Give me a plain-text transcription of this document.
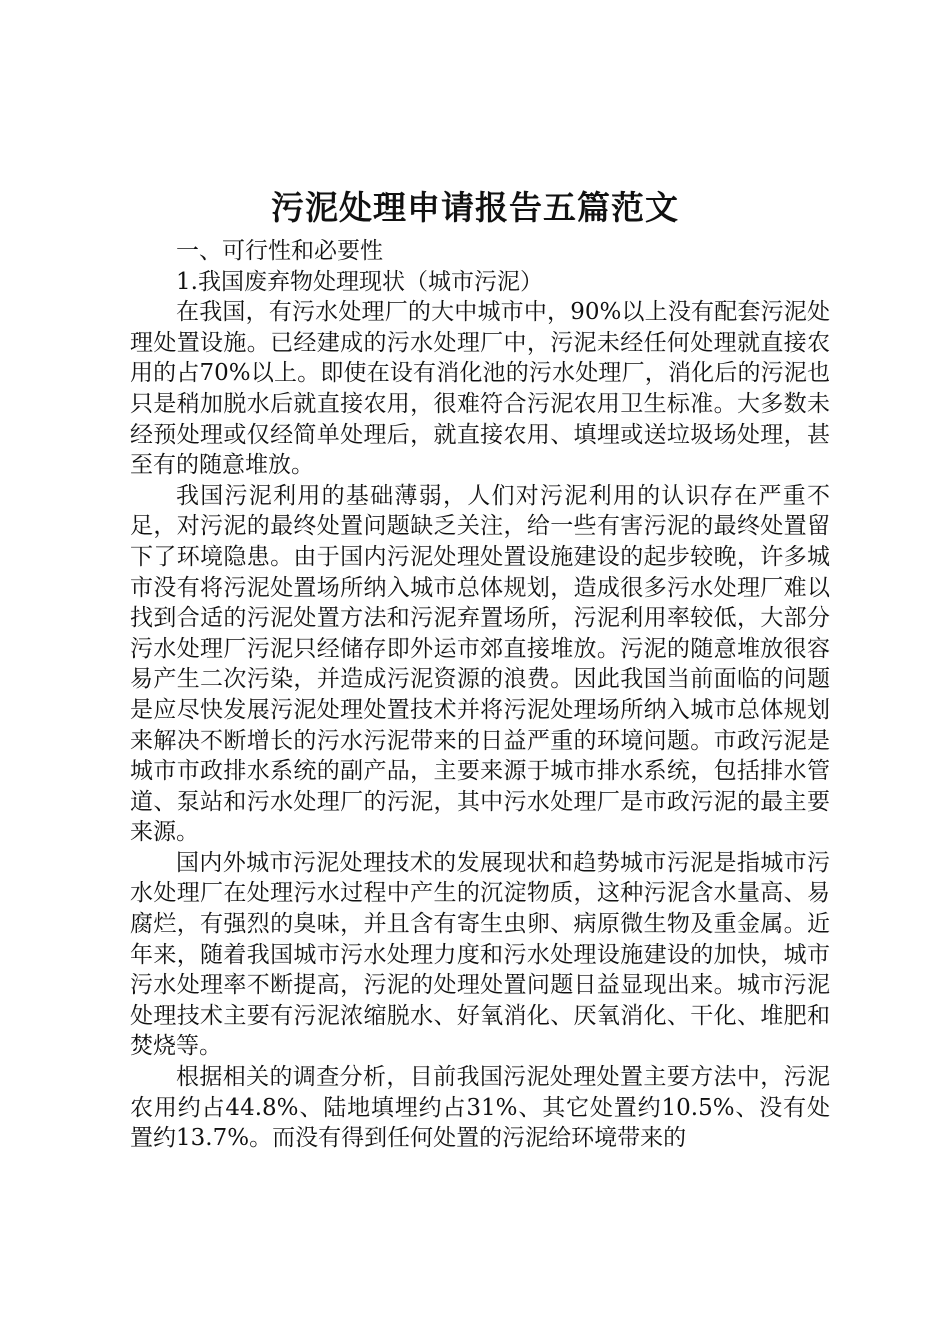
污泥处理申请报告五篇范文

一、可行性和必要性

1.我国废弃物处理现状（城市污泥）

在我国，有污水处理厂的大中城市中，90%以上没有配套污泥处理处置设施。已经建成的污水处理厂中，污泥未经任何处理就直接农用的占70%以上。即使在设有消化池的污水处理厂，消化后的污泥也只是稍加脱水后就直接农用，很难符合污泥农用卫生标准。大多数未经预处理或仅经简单处理后，就直接农用、填埋或送垃圾场处理，甚至有的随意堆放。

我国污泥利用的基础薄弱，人们对污泥利用的认识存在严重不足，对污泥的最终处置问题缺乏关注，给一些有害污泥的最终处置留下了环境隐患。由于国内污泥处理处置设施建设的起步较晚，许多城市没有将污泥处置场所纳入城市总体规划，造成很多污水处理厂难以找到合适的污泥处置方法和污泥弃置场所，污泥利用率较低，大部分污水处理厂污泥只经储存即外运市郊直接堆放。污泥的随意堆放很容易产生二次污染，并造成污泥资源的浪费。因此我国当前面临的问题是应尽快发展污泥处理处置技术并将污泥处理场所纳入城市总体规划来解决不断增长的污水污泥带来的日益严重的环境问题。市政污泥是城市市政排水系统的副产品，主要来源于城市排水系统，包括排水管道、泵站和污水处理厂的污泥，其中污水处理厂是市政污泥的最主要来源。

国内外城市污泥处理技术的发展现状和趋势城市污泥是指城市污水处理厂在处理污水过程中产生的沉淀物质，这种污泥含水量高、易腐烂，有强烈的臭味，并且含有寄生虫卵、病原微生物及重金属。近年来，随着我国城市污水处理力度和污水处理设施建设的加快，城市污水处理率不断提高，污泥的处理处置问题日益显现出来。城市污泥处理技术主要有污泥浓缩脱水、好氧消化、厌氧消化、干化、堆肥和焚烧等。

根据相关的调查分析，目前我国污泥处理处置主要方法中，污泥农用约占44.8%、陆地填埋约占31%、其它处置约10.5%、没有处置约13.7%。而没有得到任何处置的污泥给环境带来的
